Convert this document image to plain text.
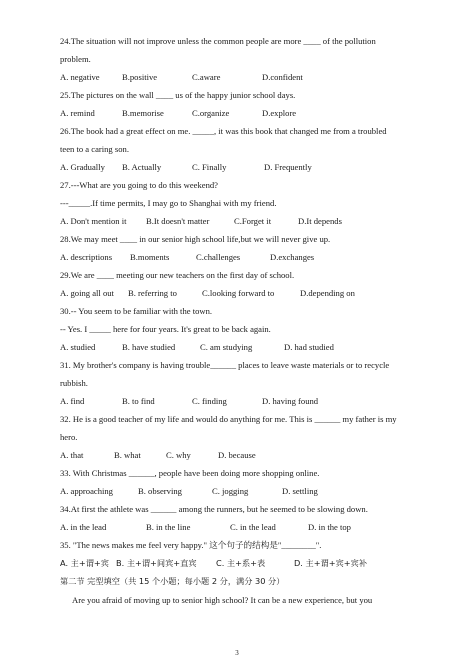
24.The situation will not improve unless the common people are more ____ of the pollution
problem.
A. negative	B.positive	C.aware	D.confident
25.The pictures on the wall ____ us of the happy junior school days.
A. remind	B.memorise	C.organize	D.explore
26.The book had a great effect on me. _____, it was this book that changed me from a troubled
teen to a caring son.
A. Gradually	B. Actually	C. Finally	D. Frequently
27.---What are you going to do this weekend?
---_____.If time permits, I may go to Shanghai with my friend.
A. Don't mention it	B.It doesn't matter	C.Forget it	D.It depends
28.We may meet ____ in our senior high school life,but we will never give up.
A. descriptions	B.moments	C.challenges	D.exchanges
29.We are ____ meeting our new teachers on the first day of school.
A. going all out	B. referring to	C.looking forward to	D.depending on
30.-- You seem to be familiar with the town.
-- Yes. I _____ here for four years. It's great to be back again.
A. studied	B. have studied	C. am studying	D. had studied
31. My brother's company is having trouble______ places to leave waste materials or to recycle
rubbish.
A. find	B. to find	C. finding	D. having found
32. He is a good teacher of my life and would do anything for me. This is ______ my father is my
hero.
A. that	B. what	C. why	D. because
33. With Christmas ______, people have been doing more shopping online.
A. approaching	B. observing	C. jogging	D. settling
34.At first the athlete was ______ among the runners, but he seemed to be slowing down.
A. in the lead	B. in the line	C. in the lead	D. in the top
35. "The news makes me feel very happy." 这个句子的结构是"________".
A. 主+谓+宾 B. 主+谓+间宾+直宾	C. 主+系+表	D. 主+谓+宾+宾补
第二节 完型填空（共 15 个小题；每小题 2 分，满分 30 分）
Are you afraid of moving up to senior high school? It can be a new experience, but you
3
